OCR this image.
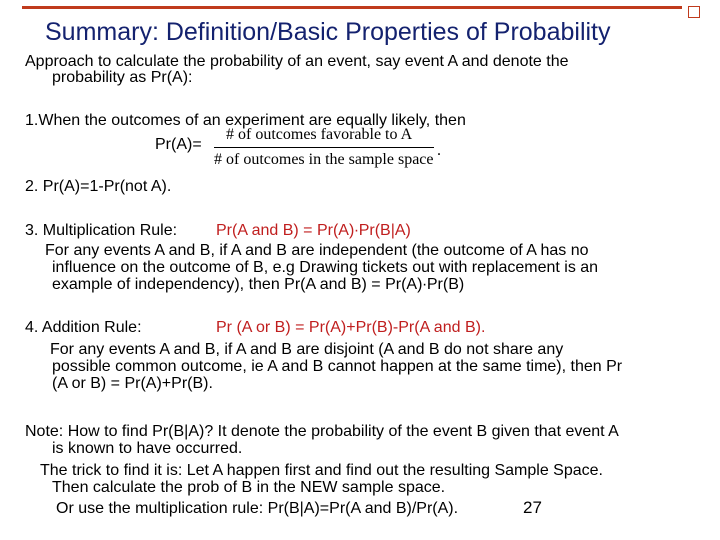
Summary: Definition/Basic Properties of Probability
Approach to calculate the probability of an event, say event A and denote the
probability as Pr(A):
1.When the outcomes of an experiment are equally likely, then
Pr(A)=
# of outcomes favorable to A
# of outcomes in the sample space
.
2. Pr(A)=1-Pr(not A).
3. Multiplication Rule: Pr(A and B) = Pr(A)∙Pr(B|A)
For any events A and B, if A and B are independent (the outcome of A has no
influence on the outcome of B, e.g Drawing tickets out with replacement is an
example of independency), then Pr(A and B) = Pr(A)∙Pr(B)
4. Addition Rule:	Pr (A or B) = Pr(A)+Pr(B)-Pr(A and B).
For any events A and B, if A and B are disjoint (A and B do not share any
possible common outcome, ie A and B cannot happen at the same time), then Pr
(A or B) = Pr(A)+Pr(B).
Note: How to find Pr(B|A)? It denote the probability of the event B given that event A
is known to have occurred.
The trick to find it is: Let A happen first and find out the resulting Sample Space.
Then calculate the prob of B in the NEW sample space.
Or use the multiplication rule: Pr(B|A)=Pr(A and B)/Pr(A).	27
